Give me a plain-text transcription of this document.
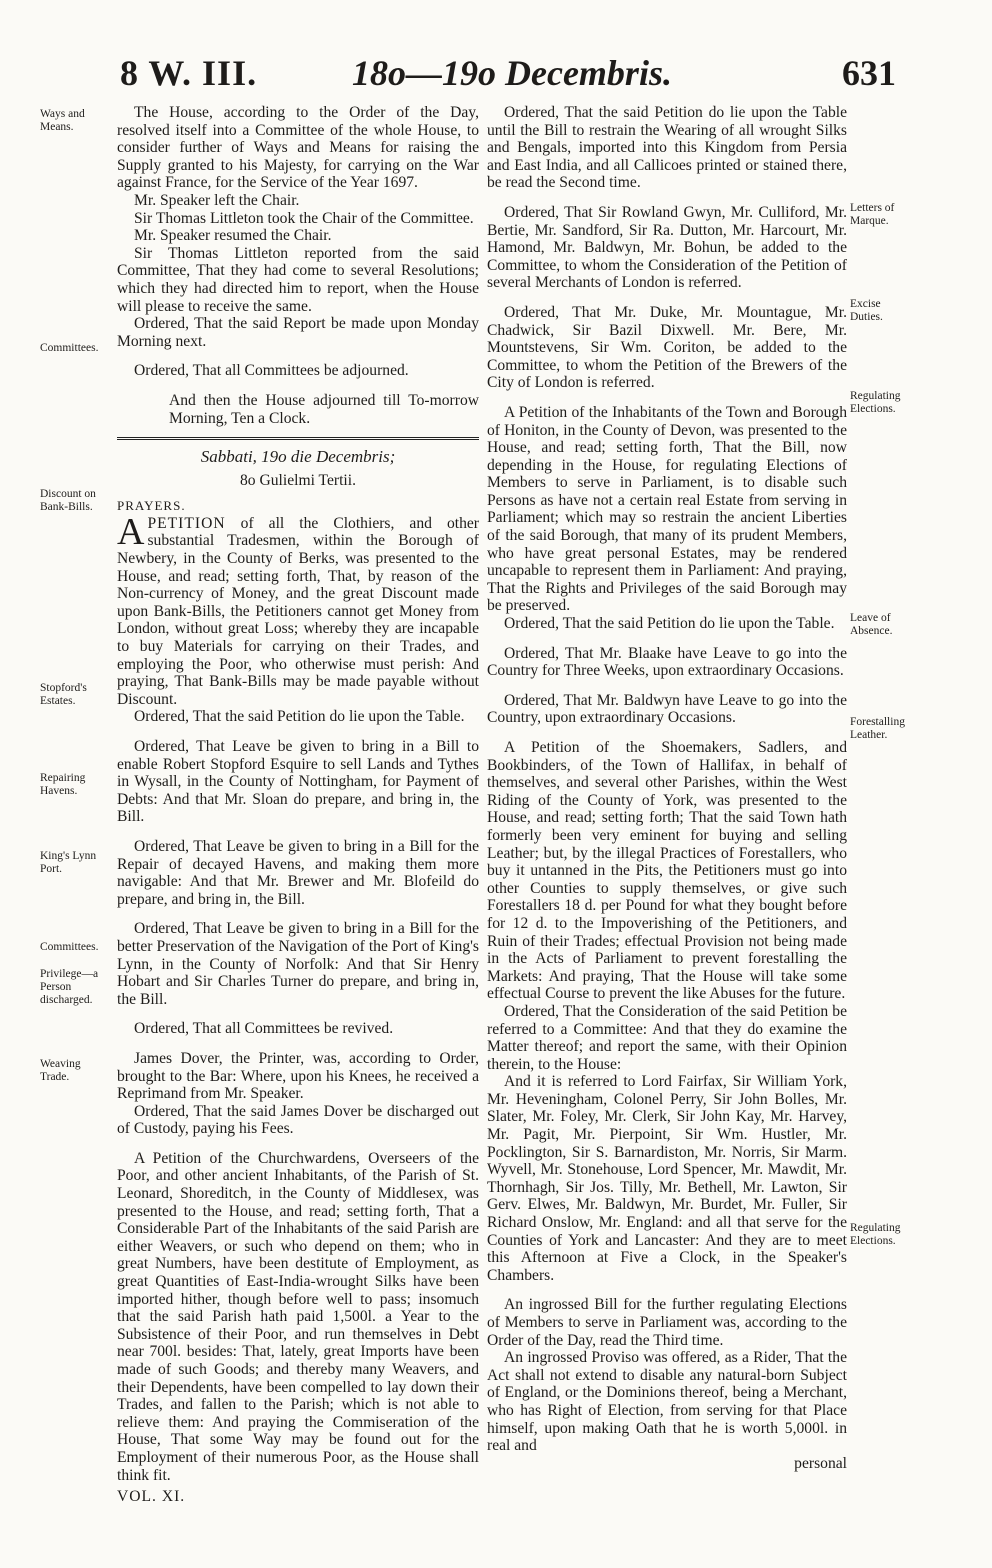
8 W. III.	18o—19o Decembris.	631
Ways and Means.
Committees.
Discount on Bank-Bills.
Stopford's Estates.
Repairing Havens.
King's Lynn Port.
Committees.
Privilege—a Person discharged.
Weaving Trade.
Letters of Marque.
Excise Duties.
Regulating Elections.
Leave of Absence.
Forestalling Leather.
Regulating Elections.

The House, according to the Order of the Day, resolved itself into a Committee of the whole House, to consider further of Ways and Means for raising the Supply granted to his Majesty, for carrying on the War against France, for the Service of the Year 1697.

Mr. Speaker left the Chair.

Sir Thomas Littleton took the Chair of the Committee.

Mr. Speaker resumed the Chair.

Sir Thomas Littleton reported from the said Committee, That they had come to several Resolutions; which they had directed him to report, when the House will please to receive the same.

Ordered, That the said Report be made upon Monday Morning next.

Ordered, That all Committees be adjourned.

And then the House adjourned till To-morrow Morning, Ten a Clock.

Sabbati, 19o die Decembris;

8o Gulielmi Tertii.

PRAYERS.

APETITION of all the Clothiers, and other substantial Tradesmen, within the Borough of Newbery, in the County of Berks, was presented to the House, and read; setting forth, That, by reason of the Non-currency of Money, and the great Discount made upon Bank-Bills, the Petitioners cannot get Money from London, without great Loss; whereby they are incapable to buy Materials for carrying on their Trades, and employing the Poor, who otherwise must perish: And praying, That Bank-Bills may be made payable without Discount.

Ordered, That the said Petition do lie upon the Table.

Ordered, That Leave be given to bring in a Bill to enable Robert Stopford Esquire to sell Lands and Tythes in Wysall, in the County of Nottingham, for Payment of Debts: And that Mr. Sloan do prepare, and bring in, the Bill.

Ordered, That Leave be given to bring in a Bill for the Repair of decayed Havens, and making them more navigable: And that Mr. Brewer and Mr. Blofeild do prepare, and bring in, the Bill.

Ordered, That Leave be given to bring in a Bill for the better Preservation of the Navigation of the Port of King's Lynn, in the County of Norfolk: And that Sir Henry Hobart and Sir Charles Turner do prepare, and bring in, the Bill.

Ordered, That all Committees be revived.

James Dover, the Printer, was, according to Order, brought to the Bar: Where, upon his Knees, he received a Reprimand from Mr. Speaker.

Ordered, That the said James Dover be discharged out of Custody, paying his Fees.

A Petition of the Churchwardens, Overseers of the Poor, and other ancient Inhabitants, of the Parish of St. Leonard, Shoreditch, in the County of Middlesex, was presented to the House, and read; setting forth, That a Considerable Part of the Inhabitants of the said Parish are either Weavers, or such who depend on them; who in great Numbers, have been destitute of Employment, as great Quantities of East-India-wrought Silks have been imported hither, though before well to pass; insomuch that the said Parish hath paid 1,500l. a Year to the Subsistence of their Poor, and run themselves in Debt near 700l. besides: That, lately, great Imports have been made of such Goods; and thereby many Weavers, and their Dependents, have been compelled to lay down their Trades, and fallen to the Parish; which is not able to relieve them: And praying the Commiseration of the House, That some Way may be found out for the Employment of their numerous Poor, as the House shall think fit.

VOL. XI.

Ordered, That the said Petition do lie upon the Table until the Bill to restrain the Wearing of all wrought Silks and Bengals, imported into this Kingdom from Persia and East India, and all Callicoes printed or stained there, be read the Second time.

Ordered, That Sir Rowland Gwyn, Mr. Culliford, Mr. Bertie, Mr. Sandford, Sir Ra. Dutton, Mr. Harcourt, Mr. Hamond, Mr. Baldwyn, Mr. Bohun, be added to the Committee, to whom the Consideration of the Petition of several Merchants of London is referred.

Ordered, That Mr. Duke, Mr. Mountague, Mr. Chadwick, Sir Bazil Dixwell. Mr. Bere, Mr. Mountstevens, Sir Wm. Coriton, be added to the Committee, to whom the Petition of the Brewers of the City of London is referred.

A Petition of the Inhabitants of the Town and Borough of Honiton, in the County of Devon, was presented to the House, and read; setting forth, That the Bill, now depending in the House, for regulating Elections of Members to serve in Parliament, is to disable such Persons as have not a certain real Estate from serving in Parliament; which may so restrain the ancient Liberties of the said Borough, that many of its prudent Members, who have great personal Estates, may be rendered uncapable to represent them in Parliament: And praying, That the Rights and Privileges of the said Borough may be preserved.

Ordered, That the said Petition do lie upon the Table.

Ordered, That Mr. Blaake have Leave to go into the Country for Three Weeks, upon extraordinary Occasions.

Ordered, That Mr. Baldwyn have Leave to go into the Country, upon extraordinary Occasions.

A Petition of the Shoemakers, Sadlers, and Bookbinders, of the Town of Hallifax, in behalf of themselves, and several other Parishes, within the West Riding of the County of York, was presented to the House, and read; setting forth; That the said Town hath formerly been very eminent for buying and selling Leather; but, by the illegal Practices of Forestallers, who buy it untanned in the Pits, the Petitioners must go into other Counties to supply themselves, or give such Forestallers 18 d. per Pound for what they bought before for 12 d. to the Impoverishing of the Petitioners, and Ruin of their Trades; effectual Provision not being made in the Acts of Parliament to prevent forestalling the Markets: And praying, That the House will take some effectual Course to prevent the like Abuses for the future.

Ordered, That the Consideration of the said Petition be referred to a Committee: And that they do examine the Matter thereof; and report the same, with their Opinion therein, to the House:

And it is referred to Lord Fairfax, Sir William York, Mr. Heveningham, Colonel Perry, Sir John Bolles, Mr. Slater, Mr. Foley, Mr. Clerk, Sir John Kay, Mr. Harvey, Mr. Pagit, Mr. Pierpoint, Sir Wm. Hustler, Mr. Pocklington, Sir S. Barnardiston, Mr. Norris, Sir Marm. Wyvell, Mr. Stonehouse, Lord Spencer, Mr. Mawdit, Mr. Thornhagh, Sir Jos. Tilly, Mr. Bethell, Mr. Lawton, Sir Gerv. Elwes, Mr. Baldwyn, Mr. Burdet, Mr. Fuller, Sir Richard Onslow, Mr. England: and all that serve for the Counties of York and Lancaster: And they are to meet this Afternoon at Five a Clock, in the Speaker's Chambers.

An ingrossed Bill for the further regulating Elections of Members to serve in Parliament was, according to the Order of the Day, read the Third time.

An ingrossed Proviso was offered, as a Rider, That the Act shall not extend to disable any natural-born Subject of England, or the Dominions thereof, being a Merchant, who has Right of Election, from serving for that Place himself, upon making Oath that he is worth 5,000l. in real and

personal
